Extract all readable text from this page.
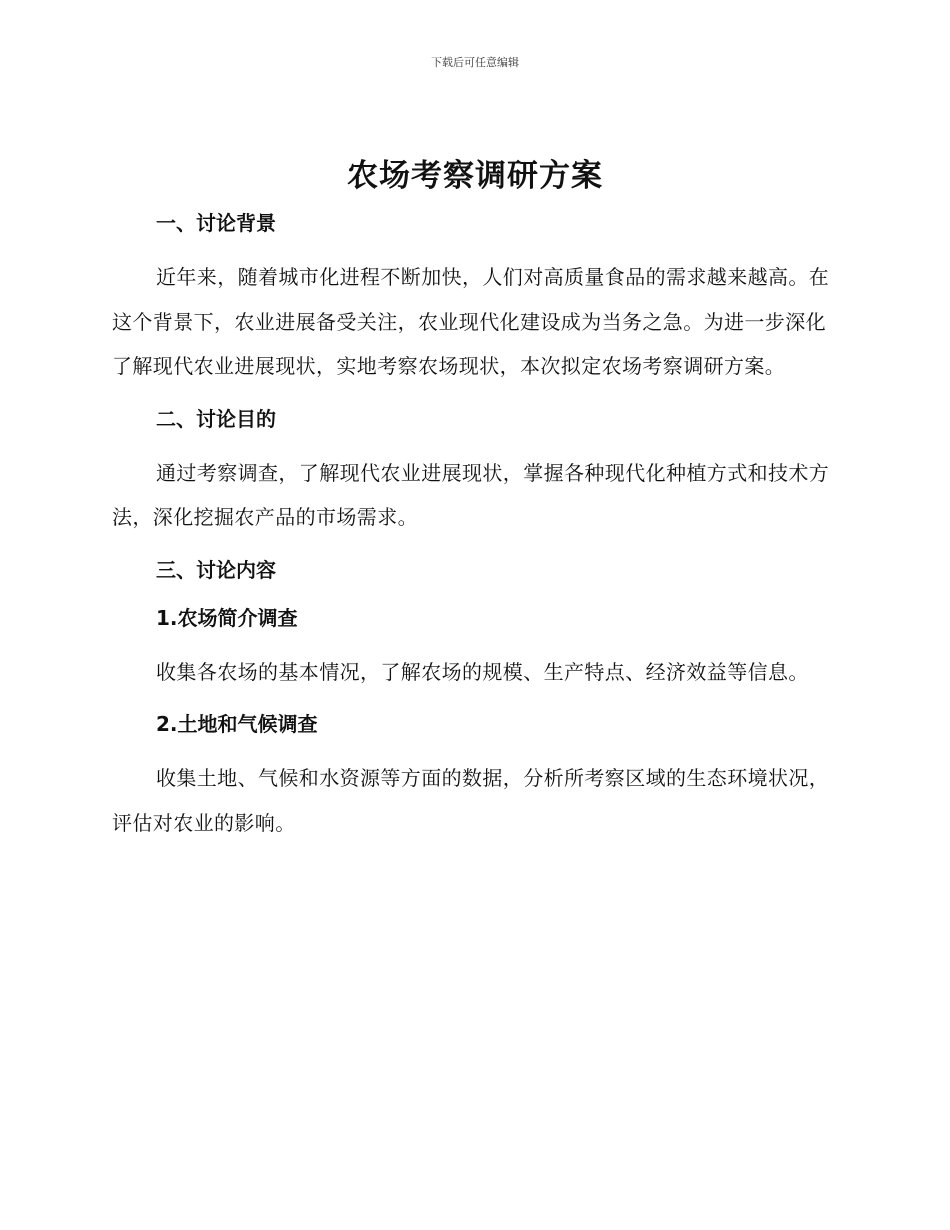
下载后可任意编辑
农场考察调研方案

一、讨论背景

近年来，随着城市化进程不断加快，人们对高质量食品的需求越来越高。在这个背景下，农业进展备受关注，农业现代化建设成为当务之急。为进一步深化了解现代农业进展现状，实地考察农场现状，本次拟定农场考察调研方案。

二、讨论目的

通过考察调查，了解现代农业进展现状，掌握各种现代化种植方式和技术方法，深化挖掘农产品的市场需求。

三、讨论内容

1.农场简介调查

收集各农场的基本情况，了解农场的规模、生产特点、经济效益等信息。

2.土地和气候调查

收集土地、气候和水资源等方面的数据，分析所考察区域的生态环境状况，评估对农业的影响。
